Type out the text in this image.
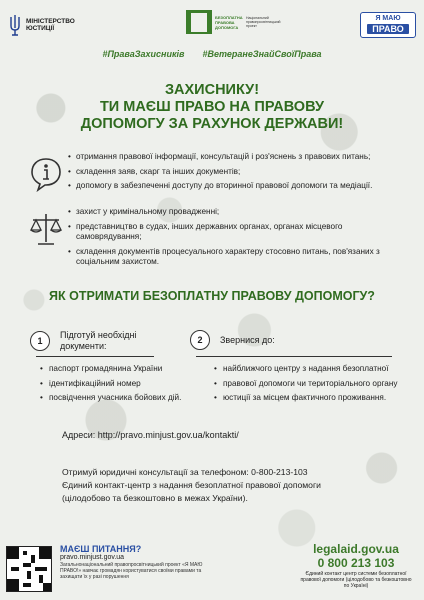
МІНІСТЕРСТВО ЮСТИЦІЇ
БЕЗОПЛАТНА ПРАВОВА ДОПОМОГА
Національний правопросвітницький проект
Я МАЮ
ПРАВО
#ПраваЗахисників #ВетеранеЗнайСвоїПрава
ЗАХИСНИКУ!
ТИ МАЄШ ПРАВО НА ПРАВОВУ
ДОПОМОГУ ЗА РАХУНОК ДЕРЖАВИ!
• отримання правової інформації, консультацій і роз'яснень з правових питань;
• складення заяв, скарг та інших документів;
• допомогу в забезпеченні доступу до вторинної правової допомоги та медіації.
• захист у кримінальному провадженні;
• представництво в судах, інших державних органах, органах місцевого самоврядування;
• складення документів процесуального характеру стосовно питань, пов'язаних з соціальним захистом.
ЯК ОТРИМАТИ БЕЗОПЛАТНУ ПРАВОВУ ДОПОМОГУ?
1
Підготуй необхідні документи:
• паспорт громадянина України
• ідентифікаційний номер
• посвідчення учасника бойових дій.
2	Звернися до:
• найближчого центру з надання безоплатної
• правової допомоги чи територіального органу
• юстиції за місцем фактичного проживання.
Адреси: http://pravo.minjust.gov.ua/kontakti/
Отримуй юридичні консультації за телефоном: 0-800-213-103
Єдиний контакт-центр з надання безоплатної правової допомоги
(цілодобово та безкоштовно в межах України).
МАЄШ ПИТАННЯ?
pravo.minjust.gov.ua
Загальнонаціональний правопросвітницький проект «Я МАЮ ПРАВО!» навчає громадян користуватися своїми правами та захищати їх у разі порушення
legalaid.gov.ua
0 800 213 103
Єдиний контакт центр системи безоплатної правової допомоги (цілодобово та безкоштовно по Україні)
